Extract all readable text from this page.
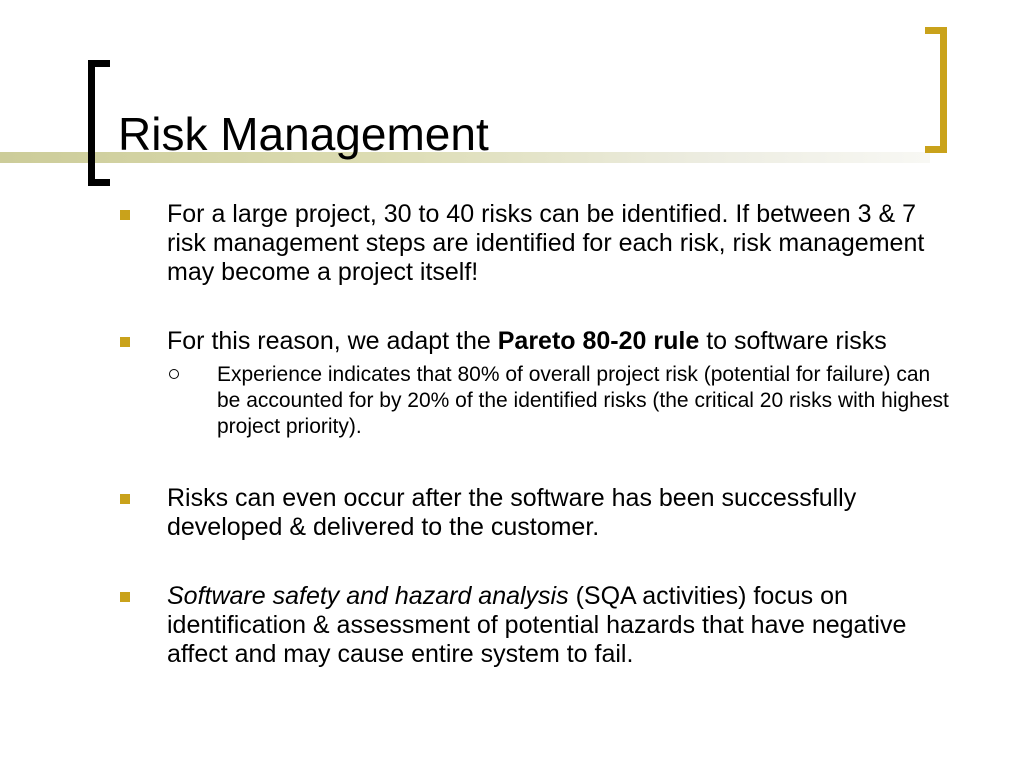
Risk Management
For a large project, 30 to 40 risks can be identified. If between 3 & 7 risk management steps are identified for each risk, risk management may become a project itself!
For this reason, we adapt the Pareto 80-20 rule to software risks
Experience indicates that 80% of overall project risk (potential for failure) can be accounted for by 20% of the identified risks (the critical 20 risks with highest project priority).
Risks can even occur after the software has been successfully developed & delivered to the customer.
Software safety and hazard analysis (SQA activities) focus on identification & assessment of potential hazards that have negative affect and may cause entire system to fail.
